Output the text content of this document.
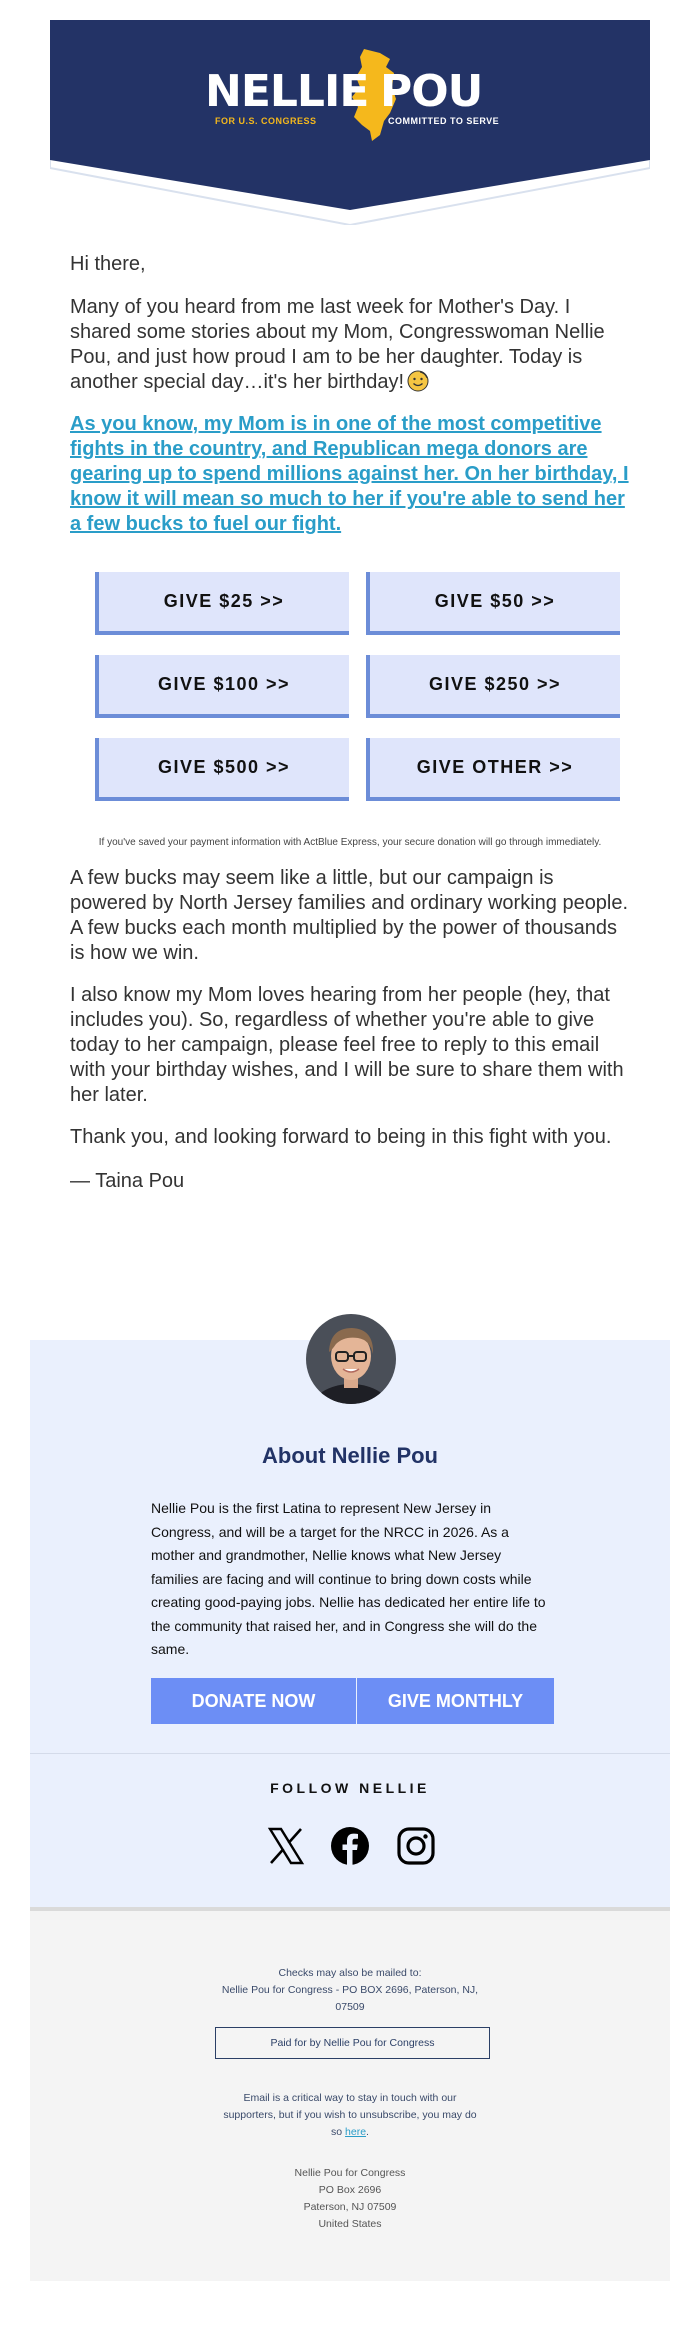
NELLIE
FOR U.S. CONGRESS
POU
COMMITTED TO SERVE

Hi there,

Many of you heard from me last week for Mother's Day. I shared some stories about my Mom, Congresswoman Nellie Pou, and just how proud I am to be her daughter. Today is another special day…it's her birthday!

As you know, my Mom is in one of the most competitive fights in the country, and Republican mega donors are gearing up to spend millions against her. On her birthday, I know it will mean so much to her if you're able to send her a few bucks to fuel our fight.
GIVE $25 >>	GIVE $50 >>
GIVE $100 >>	GIVE $250 >>
GIVE $500 >>	GIVE OTHER >>

If you've saved your payment information with ActBlue Express, your secure donation will go through immediately.

A few bucks may seem like a little, but our campaign is powered by North Jersey families and ordinary working people. A few bucks each month multiplied by the power of thousands is how we win.

I also know my Mom loves hearing from her people (hey, that includes you). So, regardless of whether you're able to give today to her campaign, please feel free to reply to this email with your birthday wishes, and I will be sure to share them with her later.

Thank you, and looking forward to being in this fight with you.

— Taina Pou

About Nellie Pou

Nellie Pou is the first Latina to represent New Jersey in Congress, and will be a target for the NRCC in 2026. As a mother and grandmother, Nellie knows what New Jersey families are facing and will continue to bring down costs while creating good-paying jobs. Nellie has dedicated her entire life to the community that raised her, and in Congress she will do the same.

DONATE NOW	GIVE MONTHLY
FOLLOW NELLIE

Checks may also be mailed to:

Nellie Pou for Congress - PO BOX 2696, Paterson, NJ,

07509

Paid for by Nellie Pou for Congress

Email is a critical way to stay in touch with our

supporters, but if you wish to unsubscribe, you may do

so here.

Nellie Pou for Congress

PO Box 2696

Paterson, NJ 07509

United States
